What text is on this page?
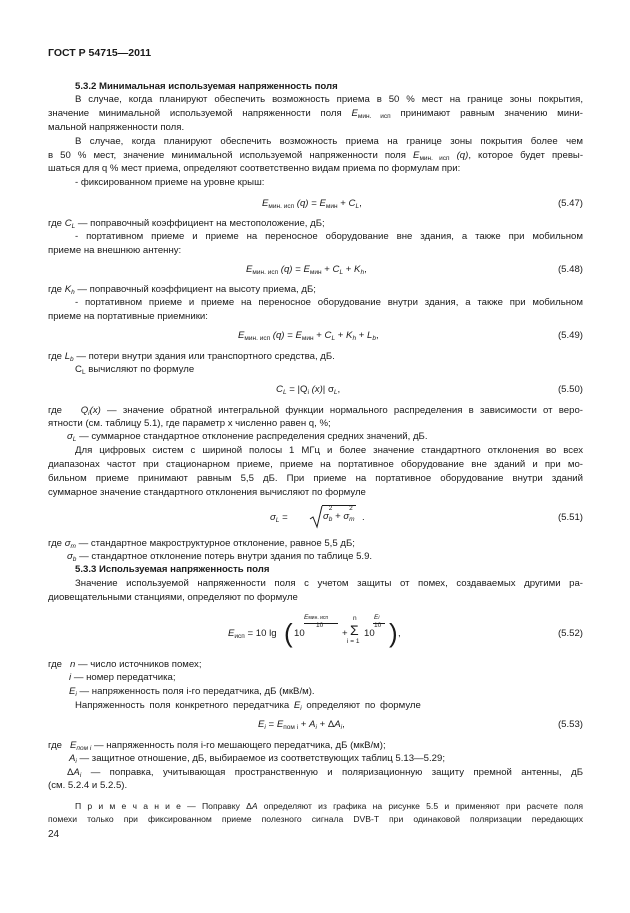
ГОСТ Р 54715—2011
5.3.2 Минимальная используемая напряженность поля
В случае, когда планируют обеспечить возможность приема в 50 % мест на границе зоны покрытия,
значение минимальной используемой напряженности поля $E_{мин. исп}$ принимают равным значению мини-
мальной напряженности поля.
В случае, когда планируют обеспечить возможность приема на границе зоны покрытия более чем
в 50 % мест, значение минимальной используемой напряженности поля $E_{мин. исп}$ (q), которое будет превы-
шаться для q % мест приема, определяют соответственно видам приема по формулам при:
- фиксированном приеме на уровне крыш:
$E_{мин. исп}$ $(q) = E_{мин} + C_L$,	(5.47)
где $C_L$ — поправочный коэффициент на местоположение, дБ;
- портативном приеме и приеме на переносное оборудование вне здания, а также при мобильном
приеме на внешнюю антенну:
$E_{мин. исп}$ $(q) = E_{мин} + C_L + K_h$,	(5.48)
где $K_h$ — поправочный коэффициент на высоту приема, дБ;
- портативном приеме и приеме на переносное оборудование внутри здания, а также при мобильном
приеме на портативные приемники:
$E_{мин. исп}$ $(q) = E_{мин} + C_L + K_h + L_b$,	(5.49)
где $L_b$ — потери внутри здания или транспортного средства, дБ.
$C_L$ вычисляют по формуле
$C_L = |Q_i$ (x)| $\sigma_L$,	(5.50)
где $Q_i(x)$ — значение обратной интегральной функции нормального распределения в зависимости от веро-
ятности (см. таблицу 5.1), где параметр x численно равен q, %;
$\sigma_L$ — суммарное стандартное отклонение распределения средних значений, дБ.
Для цифровых систем с шириной полосы 1 МГц и более значение стандартного отклонения во всех
диапазонах частот при стационарном приеме, приеме на портативное оборудование вне зданий и при мо-
бильном приеме принимают равным 5,5 дБ. При приеме на портативное оборудование внутри зданий
суммарное значение стандартного отклонения вычисляют по формуле
$\sigma_L$ =	$\sigma_b$
2
+ $\sigma_m$
2
.	(5.51)
где $\sigma_m$ — стандартное макроструктурное отклонение, равное 5,5 дБ;
$\sigma_b$ — стандартное отклонение потерь внутри здания по таблице 5.9.
5.3.3 Используемая напряженность поля
Значение используемой напряженности поля с учетом защиты от помех, создаваемых другими ра-
диовещательными станциями, определяют по формуле
$E_{исп} = 10$ lg ( 10
Eмин. исп
10
+
n
Σ
i = 1
10
Ei
10 ) ,	(5.52)
где n — число источников помех;
i — номер передатчика;
$E_i$ — напряженность поля i-го передатчика, дБ (мкВ/м).
Напряженность поля конкретного передатчика $E_i$ определяют по формуле
$E_i = E_{пом i} + A_i + \Delta A_i$,	(5.53)
где $E_{пом i}$ — напряженность поля i-го мешающего передатчика, дБ (мкВ/м);
$A_i$ — защитное отношение, дБ, выбираемое из соответствующих таблиц 5.13—5.29;
$\Delta A_i$ — поправка, учитывающая пространственную и поляризационную защиту премной антенны, дБ
(см. 5.2.4 и 5.2.5).
П р и м е ч а н и е — Поправку ΔA определяют из графика на рисунке 5.5 и применяют при расчете поля
помехи только при фиксированном приеме полезного сигнала DVB-T при одинаковой поляризации передающих
24
